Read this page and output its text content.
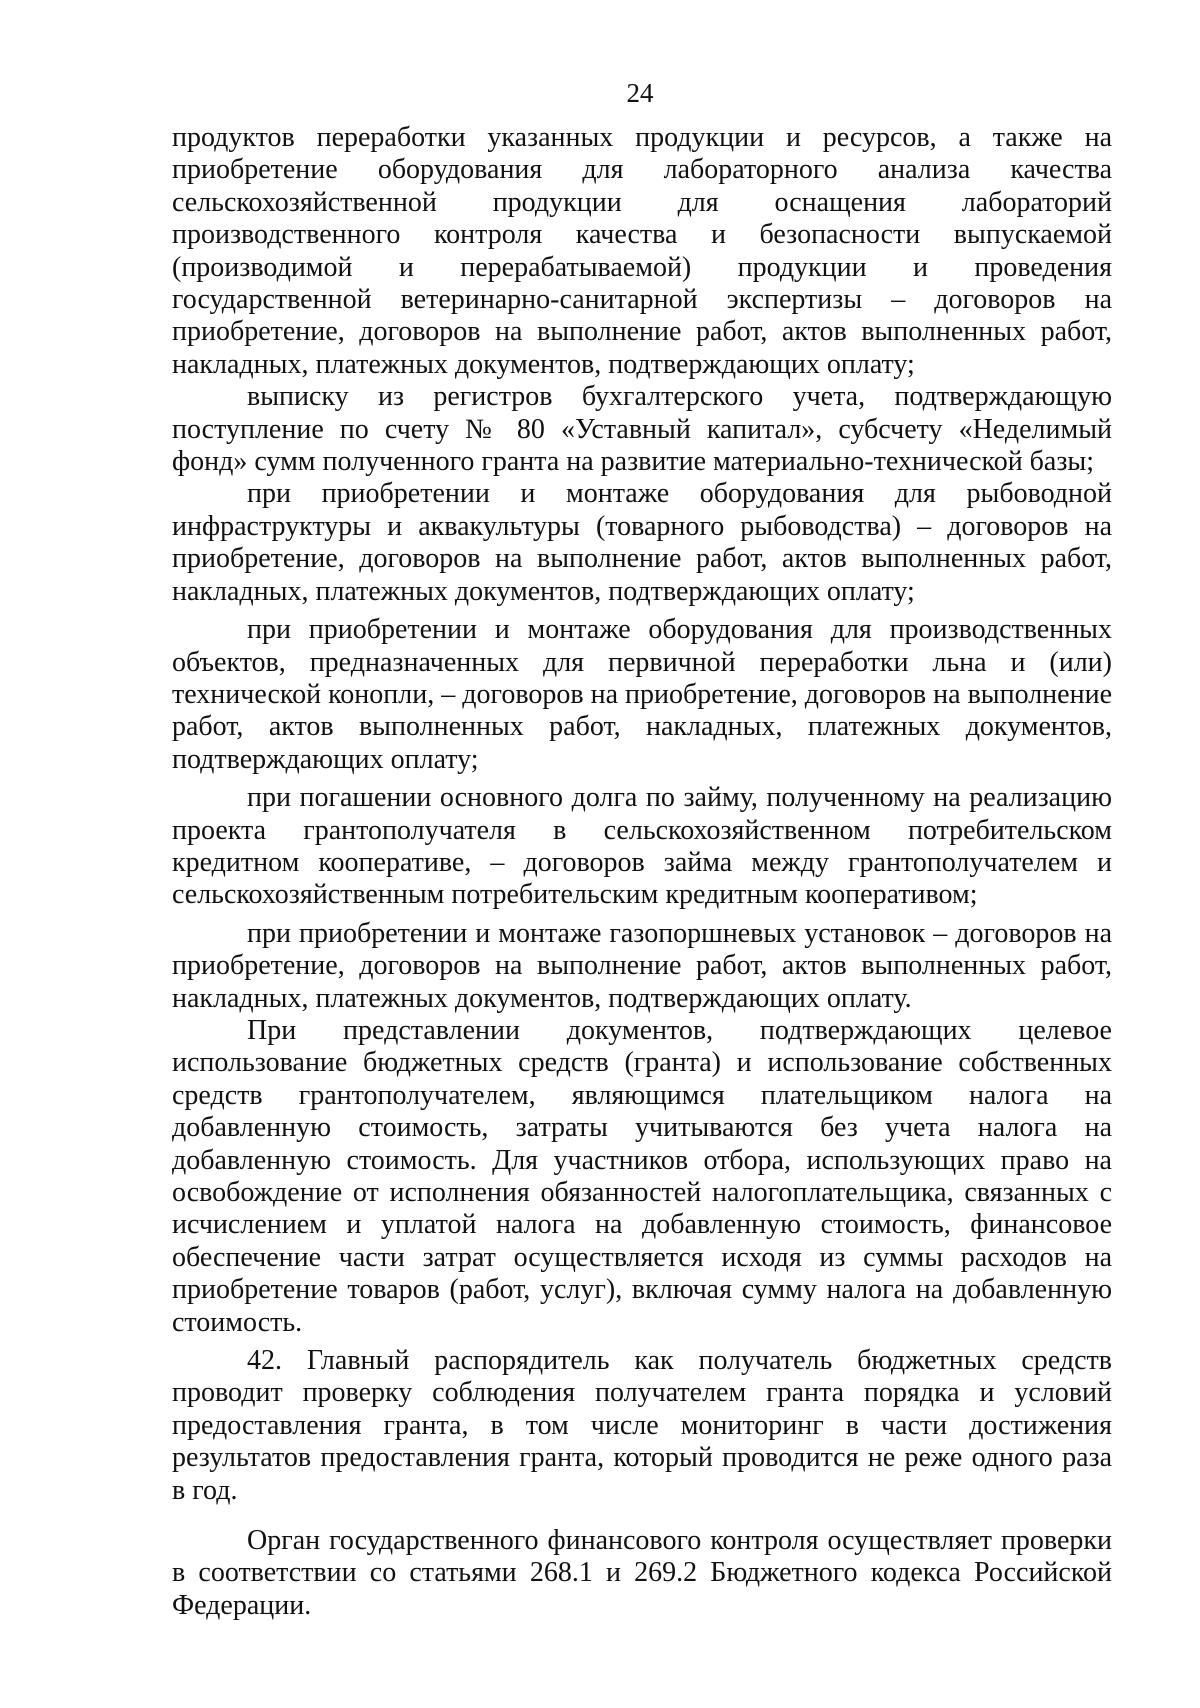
24

продуктов переработки указанных продукции и ресурсов, а также на приобретение оборудования для лабораторного анализа качества сельскохозяйственной продукции для оснащения лабораторий производственного контроля качества и безопасности выпускаемой (производимой и перерабатываемой) продукции и проведения государственной ветеринарно-санитарной экспертизы – договоров на приобретение, договоров на выполнение работ, актов выполненных работ, накладных, платежных документов, подтверждающих оплату;

выписку из регистров бухгалтерского учета, подтверждающую поступление по счету № 80 «Уставный капитал», субсчету «Неделимый фонд» сумм полученного гранта на развитие материально-технической базы;

при приобретении и монтаже оборудования для рыбоводной инфраструктуры и аквакультуры (товарного рыбоводства) – договоров на приобретение, договоров на выполнение работ, актов выполненных работ, накладных, платежных документов, подтверждающих оплату;

при приобретении и монтаже оборудования для производственных объектов, предназначенных для первичной переработки льна и (или) технической конопли, – договоров на приобретение, договоров на выполнение работ, актов выполненных работ, накладных, платежных документов, подтверждающих оплату;

при погашении основного долга по займу, полученному на реализацию проекта грантополучателя в сельскохозяйственном потребительском кредитном кооперативе, – договоров займа между грантополучателем и сельскохозяйственным потребительским кредитным кооперативом;

при приобретении и монтаже газопоршневых установок – договоров на приобретение, договоров на выполнение работ, актов выполненных работ, накладных, платежных документов, подтверждающих оплату.

При представлении документов, подтверждающих целевое использование бюджетных средств (гранта) и использование собственных средств грантополучателем, являющимся плательщиком налога на добавленную стоимость, затраты учитываются без учета налога на добавленную стоимость. Для участников отбора, использующих право на освобождение от исполнения обязанностей налогоплательщика, связанных с исчислением и уплатой налога на добавленную стоимость, финансовое обеспечение части затрат осуществляется исходя из суммы расходов на приобретение товаров (работ, услуг), включая сумму налога на добавленную стоимость.

42. Главный распорядитель как получатель бюджетных средств проводит проверку соблюдения получателем гранта порядка и условий предоставления гранта, в том числе мониторинг в части достижения результатов предоставления гранта, который проводится не реже одного раза в год.

Орган государственного финансового контроля осуществляет проверки в соответствии со статьями 268.1 и 269.2 Бюджетного кодекса Российской Федерации.
